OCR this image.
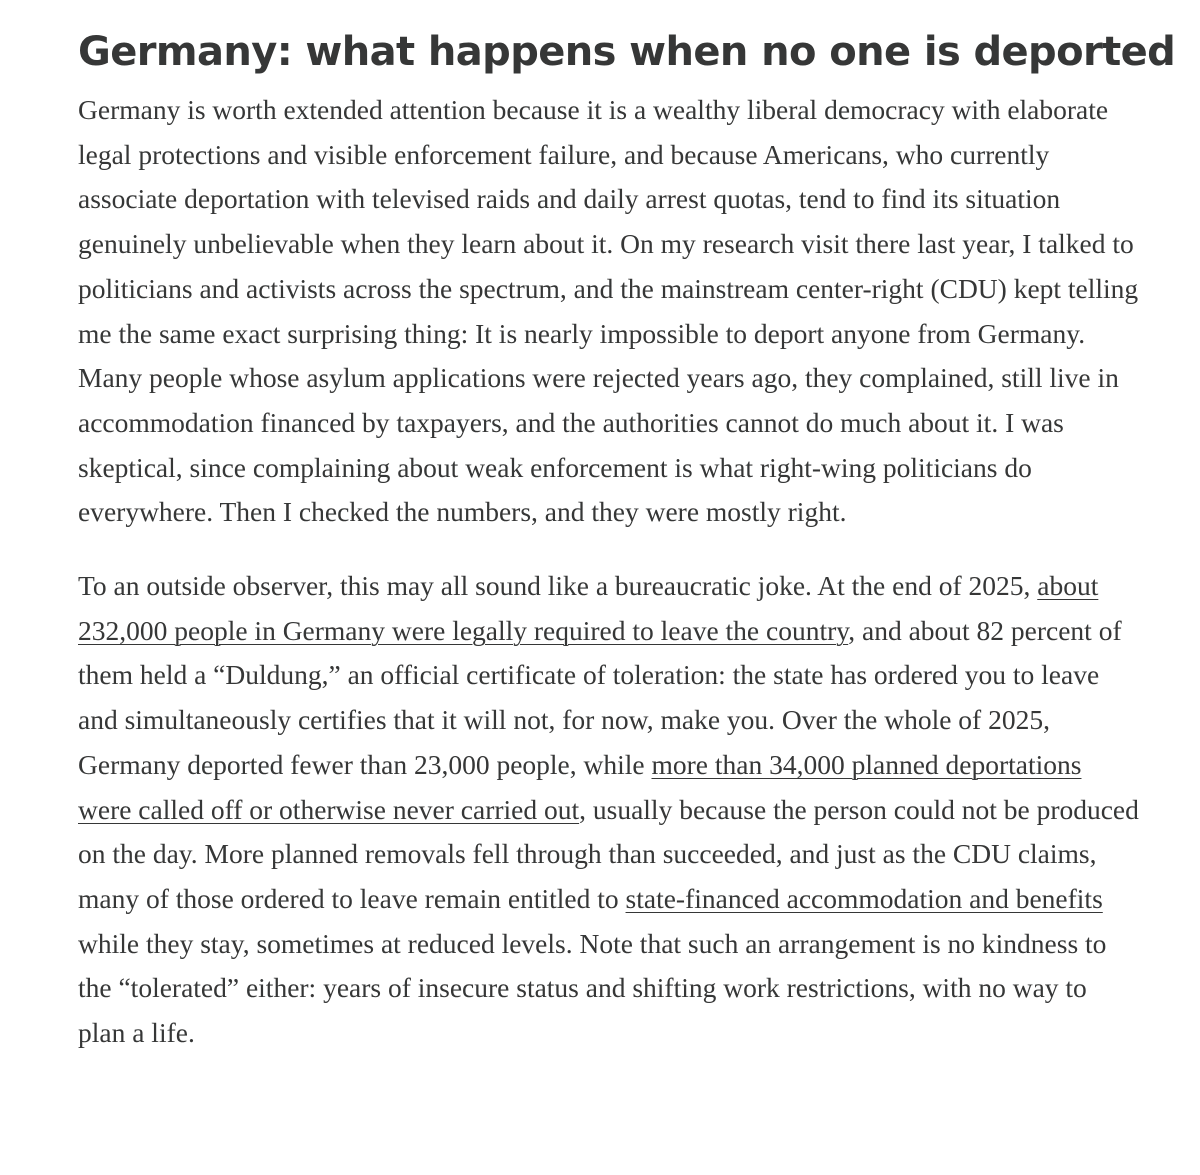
Germany: what happens when no one is deported

Germany is worth extended attention because it is a wealthy liberal democracy with elaborate legal protections and visible enforcement failure, and because Americans, who currently associate deportation with televised raids and daily arrest quotas, tend to find its situation genuinely unbelievable when they learn about it. On my research visit there last year, I talked to politicians and activists across the spectrum, and the mainstream center-right (CDU) kept telling me the same exact surprising thing: It is nearly impossible to deport anyone from Germany. Many people whose asylum applications were rejected years ago, they complained, still live in accommodation financed by taxpayers, and the authorities cannot do much about it. I was skeptical, since complaining about weak enforcement is what right-wing politicians do everywhere. Then I checked the numbers, and they were mostly right.

To an outside observer, this may all sound like a bureaucratic joke. At the end of 2025, about 232,000 people in Germany were legally required to leave the country, and about 82 percent of them held a “Duldung,” an official certificate of toleration: the state has ordered you to leave and simultaneously certifies that it will not, for now, make you. Over the whole of 2025, Germany deported fewer than 23,000 people, while more than 34,000 planned deportations were called off or otherwise never carried out, usually because the person could not be produced on the day. More planned removals fell through than succeeded, and just as the CDU claims, many of those ordered to leave remain entitled to state-financed accommodation and benefits while they stay, sometimes at reduced levels. Note that such an arrangement is no kindness to the “tolerated” either: years of insecure status and shifting work restrictions, with no way to plan a life.
